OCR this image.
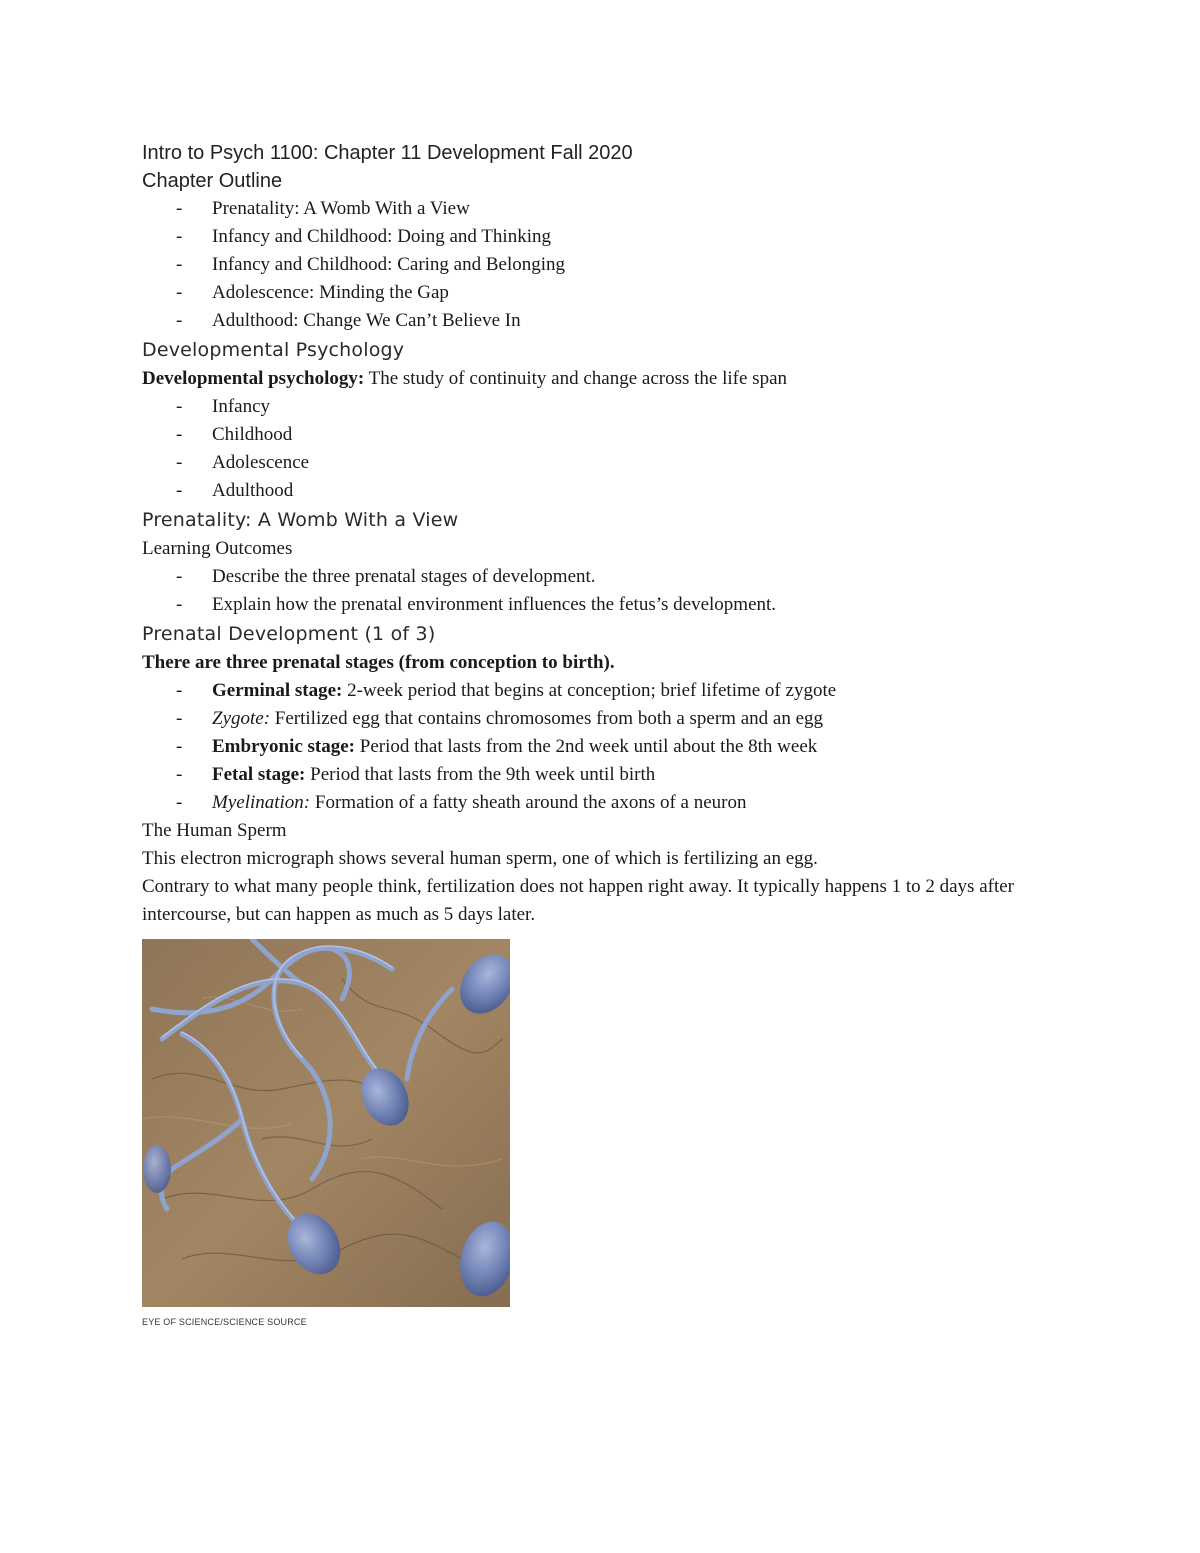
Intro to Psych 1100: Chapter 11 Development Fall 2020
Chapter Outline
- Prenatality: A Womb With a View
- Infancy and Childhood: Doing and Thinking
- Infancy and Childhood: Caring and Belonging
- Adolescence: Minding the Gap
- Adulthood: Change We Can’t Believe In
Developmental Psychology
Developmental psychology: The study of continuity and change across the life span
- Infancy
- Childhood
- Adolescence
- Adulthood
Prenatality: A Womb With a View
Learning Outcomes
- Describe the three prenatal stages of development.
- Explain how the prenatal environment influences the fetus’s development.
Prenatal Development (1 of 3)
There are three prenatal stages (from conception to birth).
- Germinal stage: 2-week period that begins at conception; brief lifetime of zygote
- Zygote: Fertilized egg that contains chromosomes from both a sperm and an egg
- Embryonic stage: Period that lasts from the 2nd week until about the 8th week
- Fetal stage: Period that lasts from the 9th week until birth
- Myelination: Formation of a fatty sheath around the axons of a neuron
The Human Sperm
This electron micrograph shows several human sperm, one of which is fertilizing an egg.
Contrary to what many people think, fertilization does not happen right away. It typically happens 1 to 2 days after intercourse, but can happen as much as 5 days later.
EYE OF SCIENCE/SCIENCE SOURCE
